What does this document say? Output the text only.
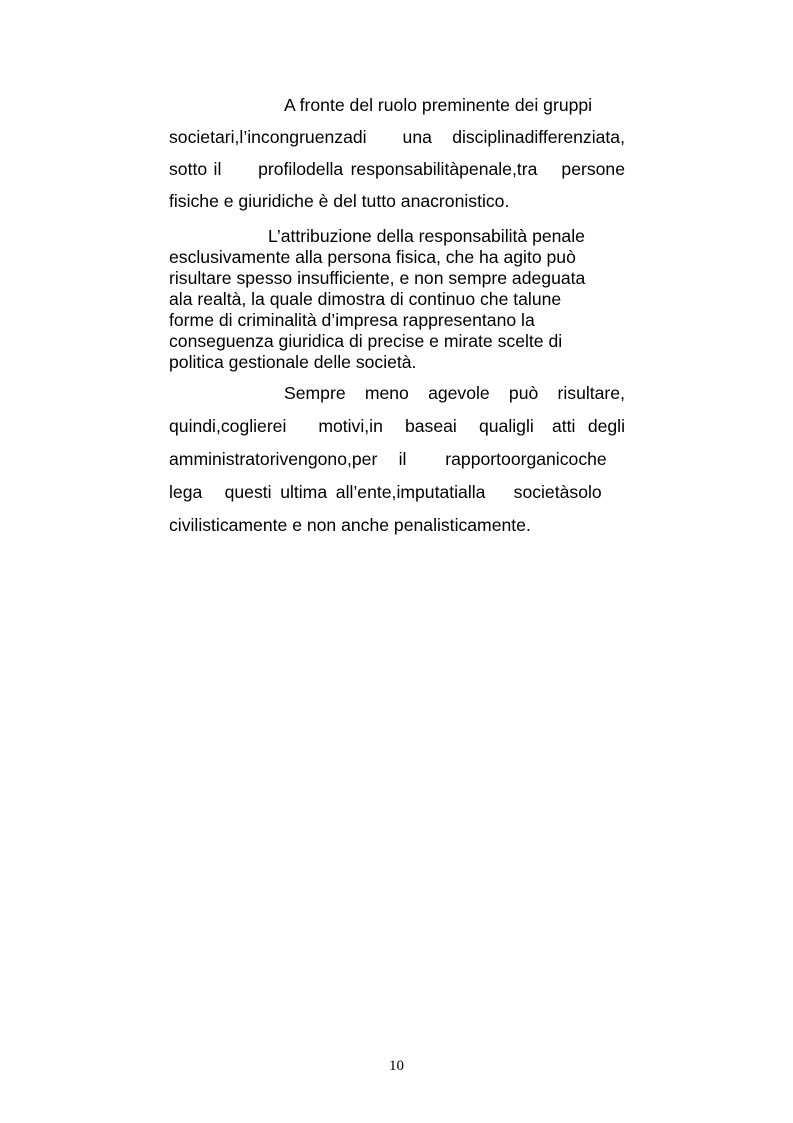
A fronte del ruolo preminente dei gruppi
societari, l’incongruenza di	una	disciplina differenziata,
sotto il	profilo della responsabilità penale, tra	persone
fisiche e giuridiche è del tutto anacronistico.
L’attribuzione della responsabilità penale
esclusivamente alla persona fisica, che ha agito può
risultare spesso insufficiente, e non sempre adeguata
ala realtà, la quale dimostra di continuo che talune
forme di criminalità d’impresa rappresentano la
conseguenza giuridica di precise e mirate scelte di
politica gestionale delle società.
Sempre meno agevole può risultare,
quindi, cogliere i	motivi, in	base ai	quali gli	atti degli
amministratori vengono, per	il	rapporto organico che
lega	questi ultima all’ente, imputati alla	società solo
civilisticamente e non anche penalisticamente.
10
